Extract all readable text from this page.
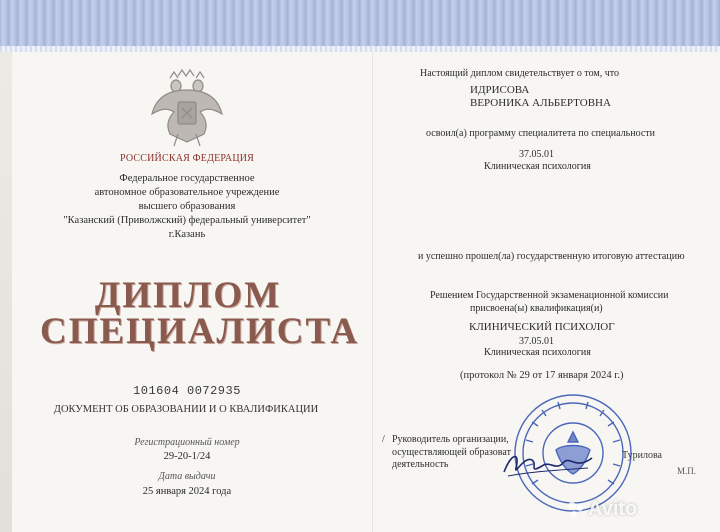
РОССИЙСКАЯ ФЕДЕРАЦИЯ
Федеральное государственное
автономное образовательное учреждение
высшего образования
"Казанский (Приволжский) федеральный университет"
г.Казань
ДИПЛОМ
СПЕЦИАЛИСТА
101604 0072935
ДОКУМЕНТ ОБ ОБРАЗОВАНИИ И О КВАЛИФИКАЦИИ
Регистрационный номер
29-20-1/24
Дата выдачи
25 января 2024 года
Настоящий диплом свидетельствует о том, что
ИДРИСОВА
ВЕРОНИКА АЛЬБЕРТОВНА
освоил(а) программу специалитета по специальности
37.05.01
Клиническая психология
и успешно прошел(ла) государственную итоговую аттестацию
Решением Государственной экзаменационной комиссии
присвоена(ы) квалификация(и)
КЛИНИЧЕСКИЙ ПСИХОЛОГ
37.05.01
Клиническая психология
(протокол № 29 от 17 января 2024 г.)
/ Руководитель организации,
осуществляющей образоват
деятельность
Турилова
М.П.
Avito
